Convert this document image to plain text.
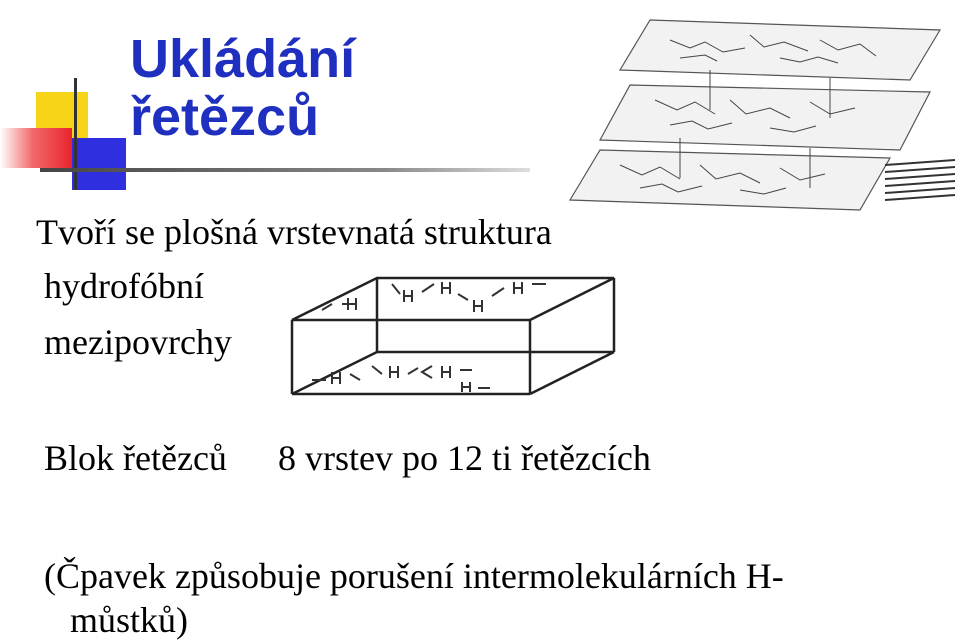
Ukládání
řetězců
Tvoří se plošná vrstevnatá struktura
hydrofóbní
mezipovrchy
Blok řetězců 8 vrstev po 12 ti řetězcích
(Čpavek způsobuje porušení intermolekulárních H-
můstků)
